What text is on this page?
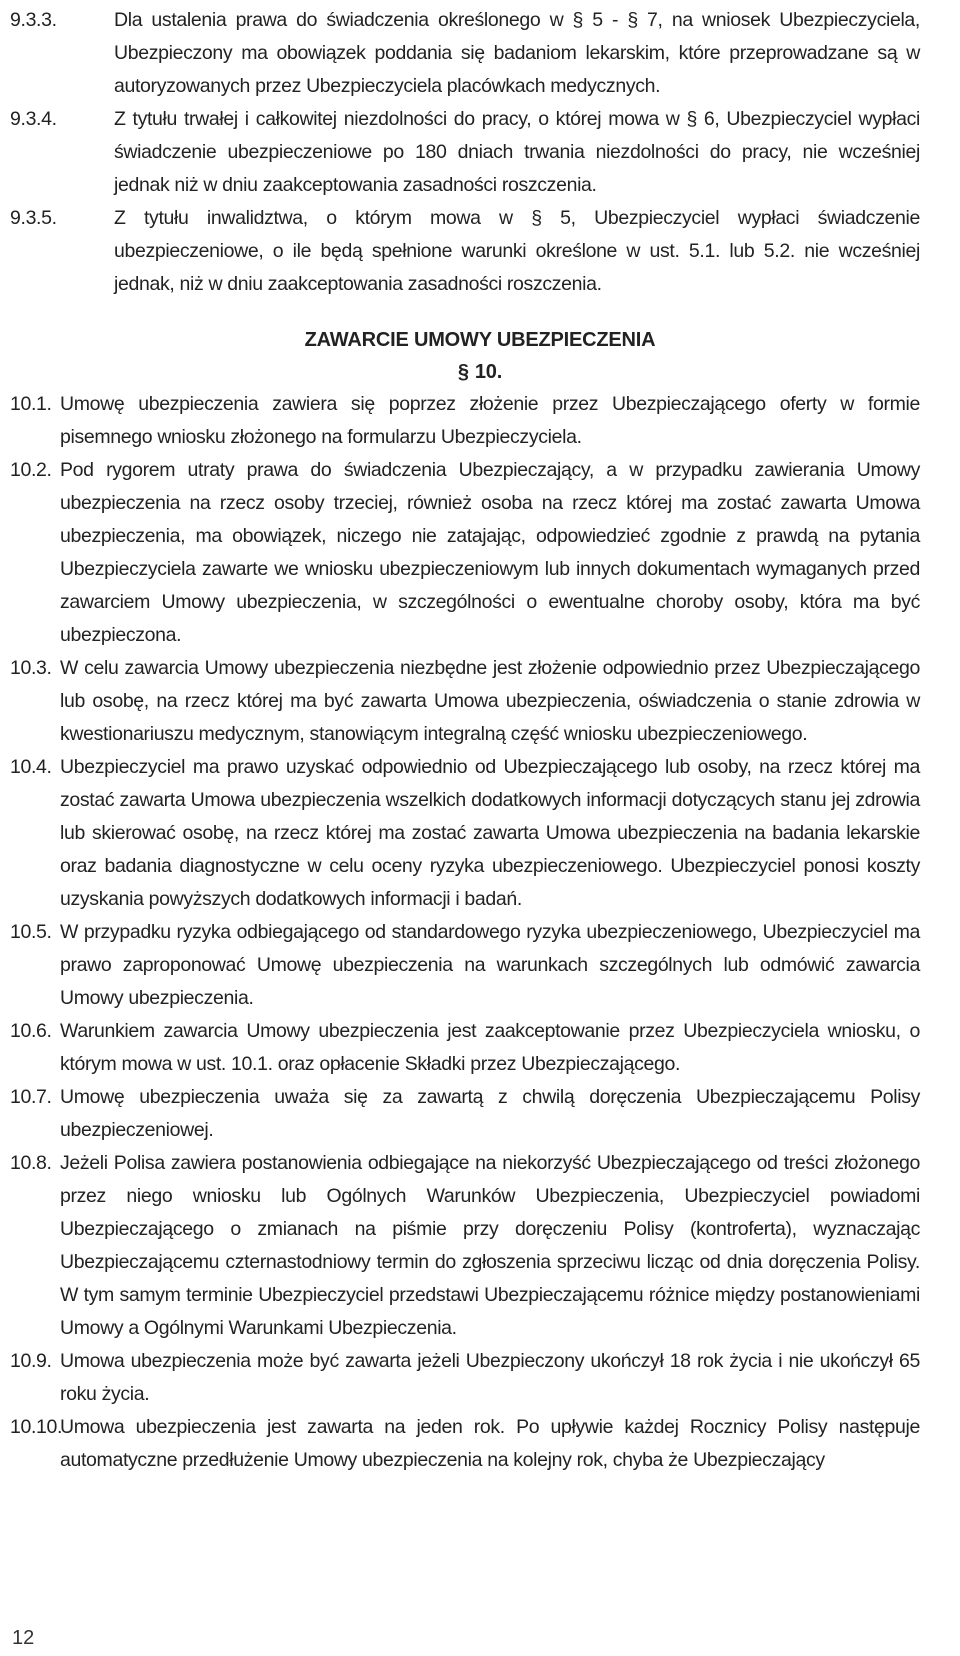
9.3.3.	Dla ustalenia prawa do świadczenia określonego w § 5 - § 7, na wniosek Ubezpieczyciela, Ubezpieczony ma obowiązek poddania się badaniom lekarskim, które przeprowadzane są w autoryzowanych przez Ubezpieczyciela placówkach medycznych.
9.3.4.	Z tytułu trwałej i całkowitej niezdolności do pracy, o której mowa w § 6, Ubezpieczyciel wypłaci świadczenie ubezpieczeniowe po 180 dniach trwania niezdolności do pracy, nie wcześniej jednak niż w dniu zaakceptowania zasadności roszczenia.
9.3.5.	Z tytułu inwalidztwa, o którym mowa w § 5, Ubezpieczyciel wypłaci świadczenie ubezpieczeniowe, o ile będą spełnione warunki określone w ust. 5.1. lub 5.2. nie wcześniej jednak, niż w dniu zaakceptowania zasadności roszczenia.
ZAWARCIE UMOWY UBEZPIECZENIA
§ 10.
10.1. Umowę ubezpieczenia zawiera się poprzez złożenie przez Ubezpieczającego oferty w formie pisemnego wniosku złożonego na formularzu Ubezpieczyciela.
10.2. Pod rygorem utraty prawa do świadczenia Ubezpieczający, a w przypadku zawierania Umowy ubezpieczenia na rzecz osoby trzeciej, również osoba na rzecz której ma zostać zawarta Umowa ubezpieczenia, ma obowiązek, niczego nie zatajając, odpowiedzieć zgodnie z prawdą na pytania Ubezpieczyciela zawarte we wniosku ubezpieczeniowym lub innych dokumentach wymaganych przed zawarciem Umowy ubezpieczenia, w szczególności o ewentualne choroby osoby, która ma być ubezpieczona.
10.3. W celu zawarcia Umowy ubezpieczenia niezbędne jest złożenie odpowiednio przez Ubezpieczającego lub osobę, na rzecz której ma być zawarta Umowa ubezpieczenia, oświadczenia o stanie zdrowia w kwestionariuszu medycznym, stanowiącym integralną część wniosku ubezpieczeniowego.
10.4. Ubezpieczyciel ma prawo uzyskać odpowiednio od Ubezpieczającego lub osoby, na rzecz której ma zostać zawarta Umowa ubezpieczenia wszelkich dodatkowych informacji dotyczących stanu jej zdrowia lub skierować osobę, na rzecz której ma zostać zawarta Umowa ubezpieczenia na badania lekarskie oraz badania diagnostyczne w celu oceny ryzyka ubezpieczeniowego. Ubezpieczyciel ponosi koszty uzyskania powyższych dodatkowych informacji i badań.
10.5. W przypadku ryzyka odbiegającego od standardowego ryzyka ubezpieczeniowego, Ubezpieczyciel ma prawo zaproponować Umowę ubezpieczenia na warunkach szczególnych lub odmówić zawarcia Umowy ubezpieczenia.
10.6. Warunkiem zawarcia Umowy ubezpieczenia jest zaakceptowanie przez Ubezpieczyciela wniosku, o którym mowa w ust. 10.1. oraz opłacenie Składki przez Ubezpieczającego.
10.7. Umowę ubezpieczenia uważa się za zawartą z chwilą doręczenia Ubezpieczającemu Polisy ubezpieczeniowej.
10.8. Jeżeli Polisa zawiera postanowienia odbiegające na niekorzyść Ubezpieczającego od treści złożonego przez niego wniosku lub Ogólnych Warunków Ubezpieczenia, Ubezpieczyciel powiadomi Ubezpieczającego o zmianach na piśmie przy doręczeniu Polisy (kontroferta), wyznaczając Ubezpieczającemu czternastodniowy termin do zgłoszenia sprzeciwu licząc od dnia doręczenia Polisy. W tym samym terminie Ubezpieczyciel przedstawi Ubezpieczającemu różnice między postanowieniami Umowy a Ogólnymi Warunkami Ubezpieczenia.
10.9. Umowa ubezpieczenia może być zawarta jeżeli Ubezpieczony ukończył 18 rok życia i nie ukończył 65 roku życia.
10.10.
Umowa ubezpieczenia jest zawarta na jeden rok. Po upływie każdej Rocznicy Polisy następuje automatyczne przedłużenie Umowy ubezpieczenia na kolejny rok, chyba że Ubezpieczający
12
